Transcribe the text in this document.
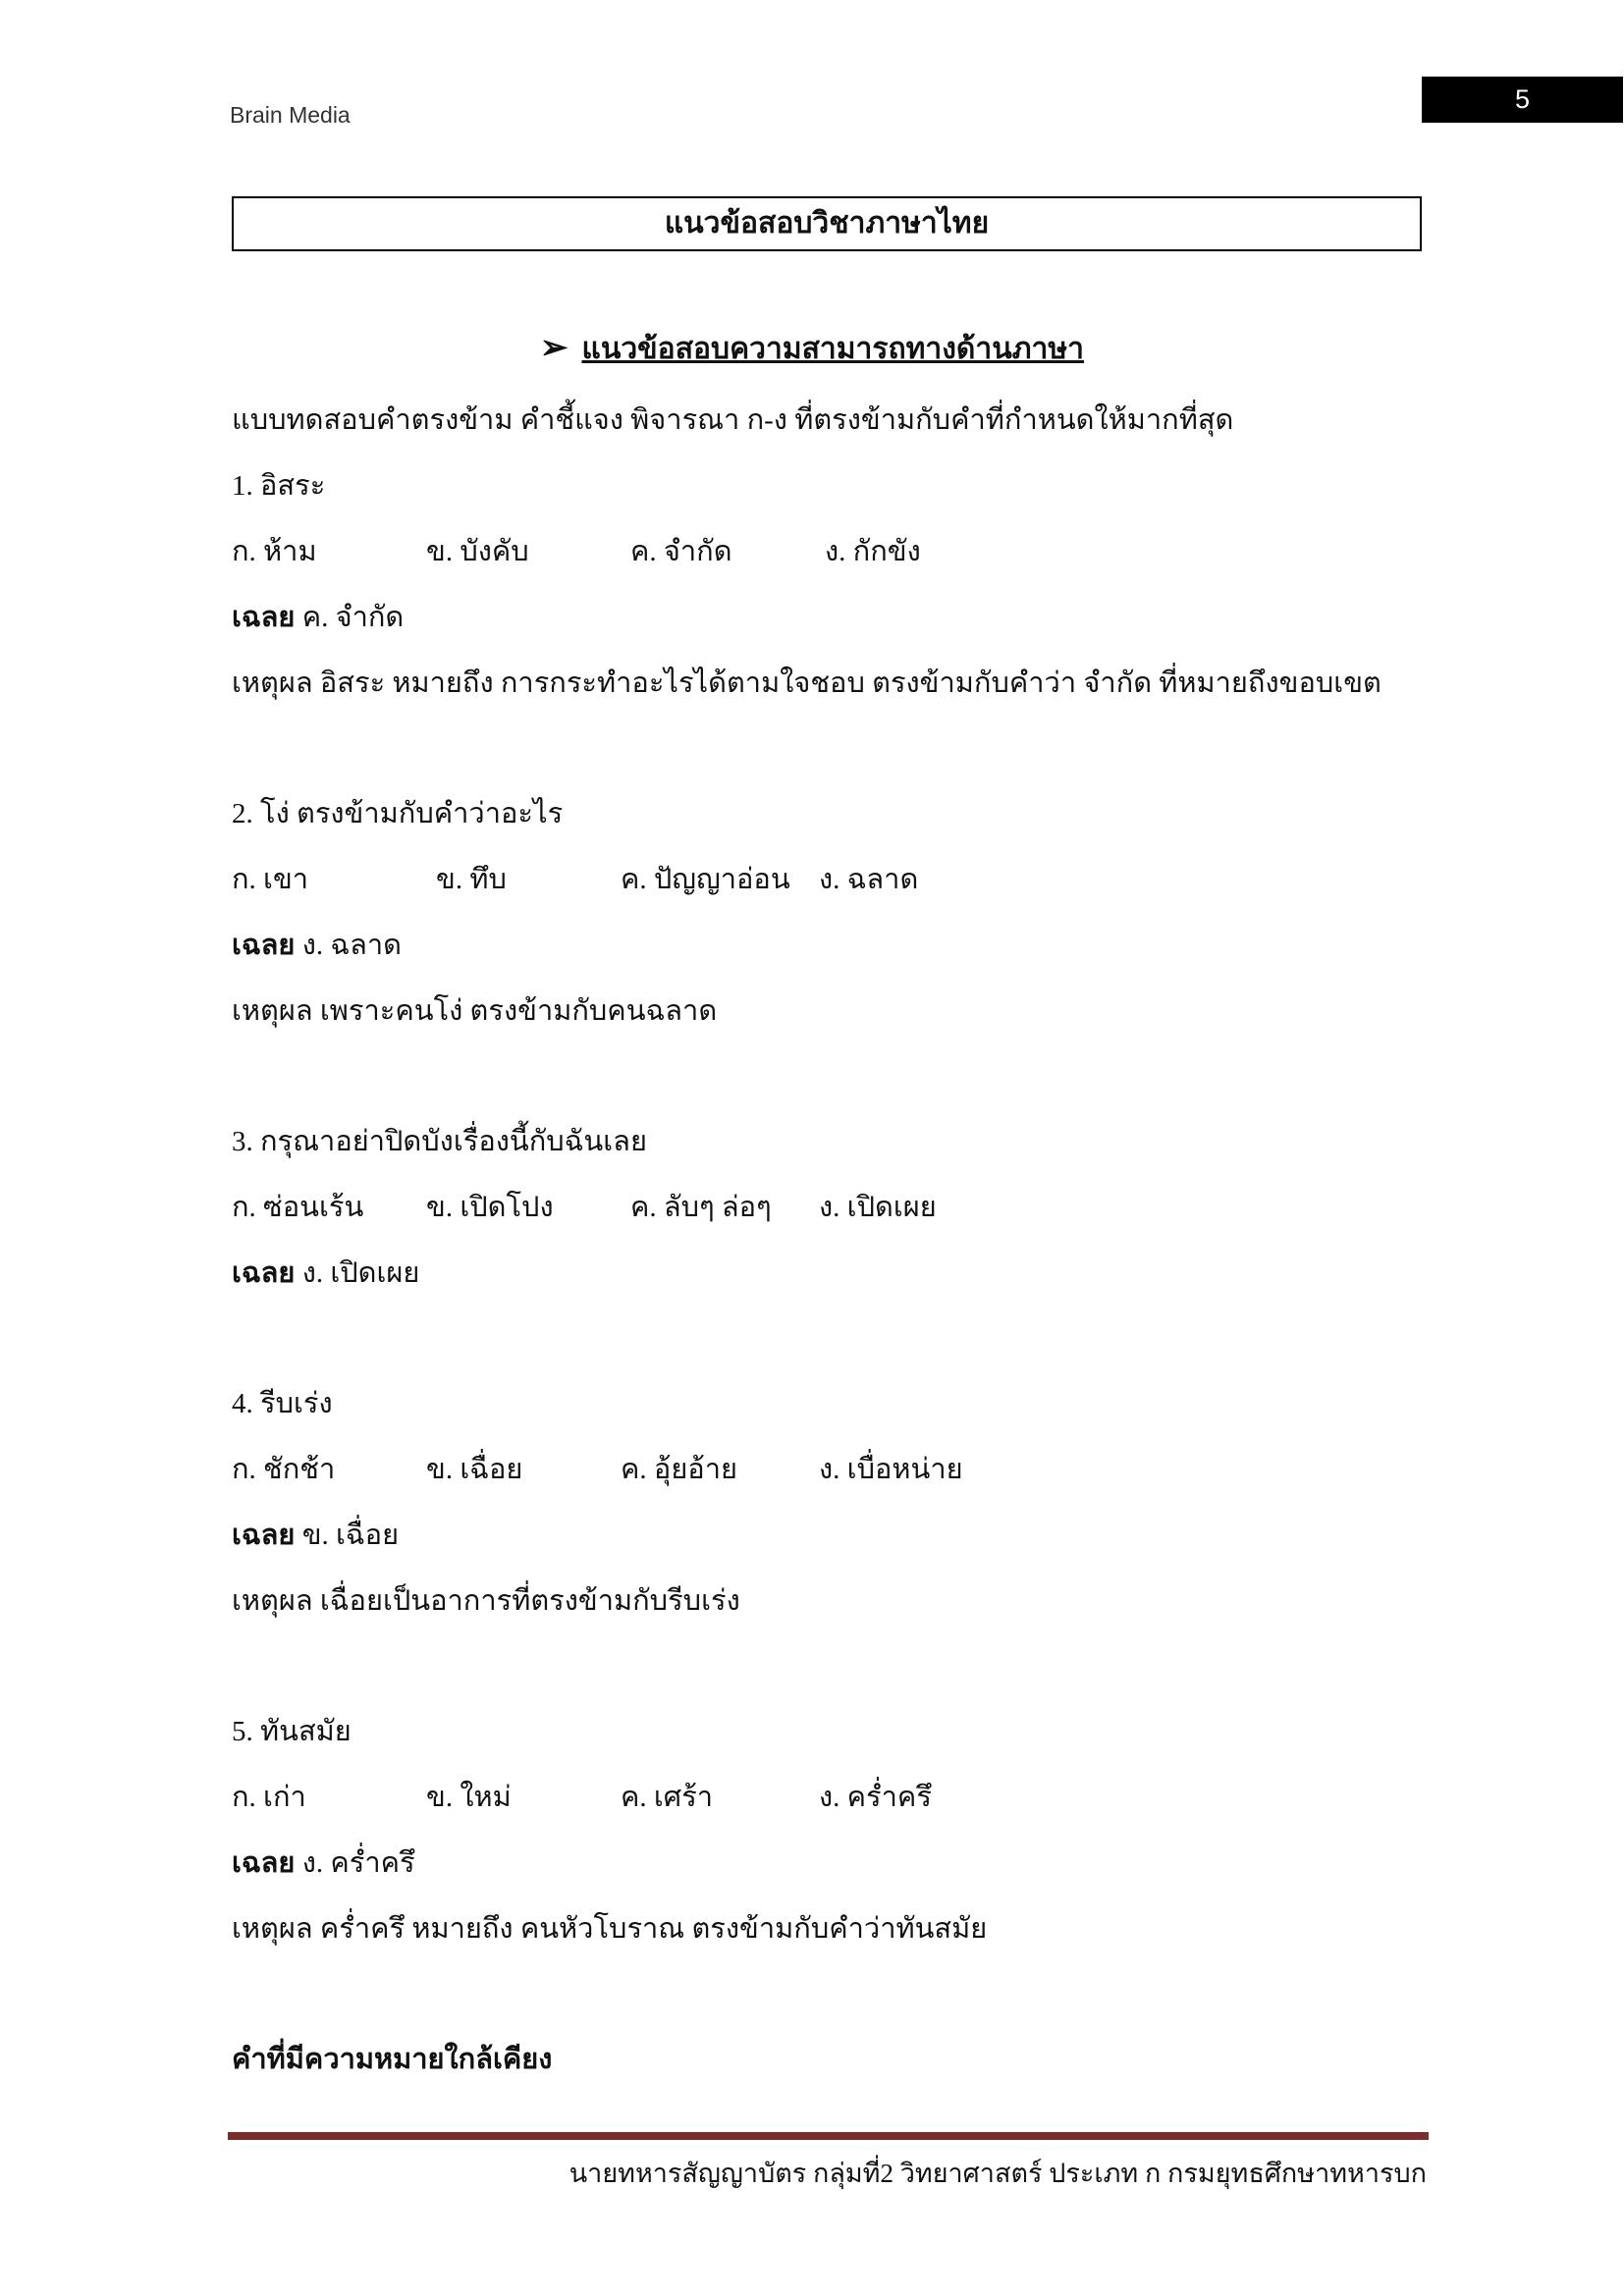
Brain Media
5
แนวข้อสอบวิชาภาษาไทย
➢ แนวข้อสอบความสามารถทางด้านภาษา
แบบทดสอบคำตรงข้าม คำชี้แจง พิจารณา ก-ง ที่ตรงข้ามกับคำที่กำหนดให้มากที่สุด
1. อิสระ
ก. ห้าม	ข. บังคับ	ค. จำกัด	ง. กักขัง
เฉลย ค. จำกัด
เหตุผล อิสระ หมายถึง การกระทำอะไรได้ตามใจชอบ ตรงข้ามกับคำว่า จำกัด ที่หมายถึงขอบเขต
2. โง่ ตรงข้ามกับคำว่าอะไร
ก. เขา	ข. ทึบ	ค. ปัญญาอ่อน ง. ฉลาด
เฉลย ง. ฉลาด
เหตุผล เพราะคนโง่ ตรงข้ามกับคนฉลาด
3. กรุณาอย่าปิดบังเรื่องนี้กับฉันเลย
ก. ซ่อนเร้น ข. เปิดโปง	ค. ลับๆ ล่อๆ ง. เปิดเผย
เฉลย ง. เปิดเผย
4. รีบเร่ง
ก. ชักช้า	ข. เฉื่อย	ค. อุ้ยอ้าย	ง. เบื่อหน่าย
เฉลย ข. เฉื่อย
เหตุผล เฉื่อยเป็นอาการที่ตรงข้ามกับรีบเร่ง
5. ทันสมัย
ก. เก่า	ข. ใหม่	ค. เศร้า	ง. คร่ำครึ
เฉลย ง. คร่ำครึ
เหตุผล คร่ำครึ หมายถึง คนหัวโบราณ ตรงข้ามกับคำว่าทันสมัย
คำที่มีความหมายใกล้เคียง
นายทหารสัญญาบัตร กลุ่มที่2 วิทยาศาสตร์ ประเภท ก กรมยุทธศึกษาทหารบก
